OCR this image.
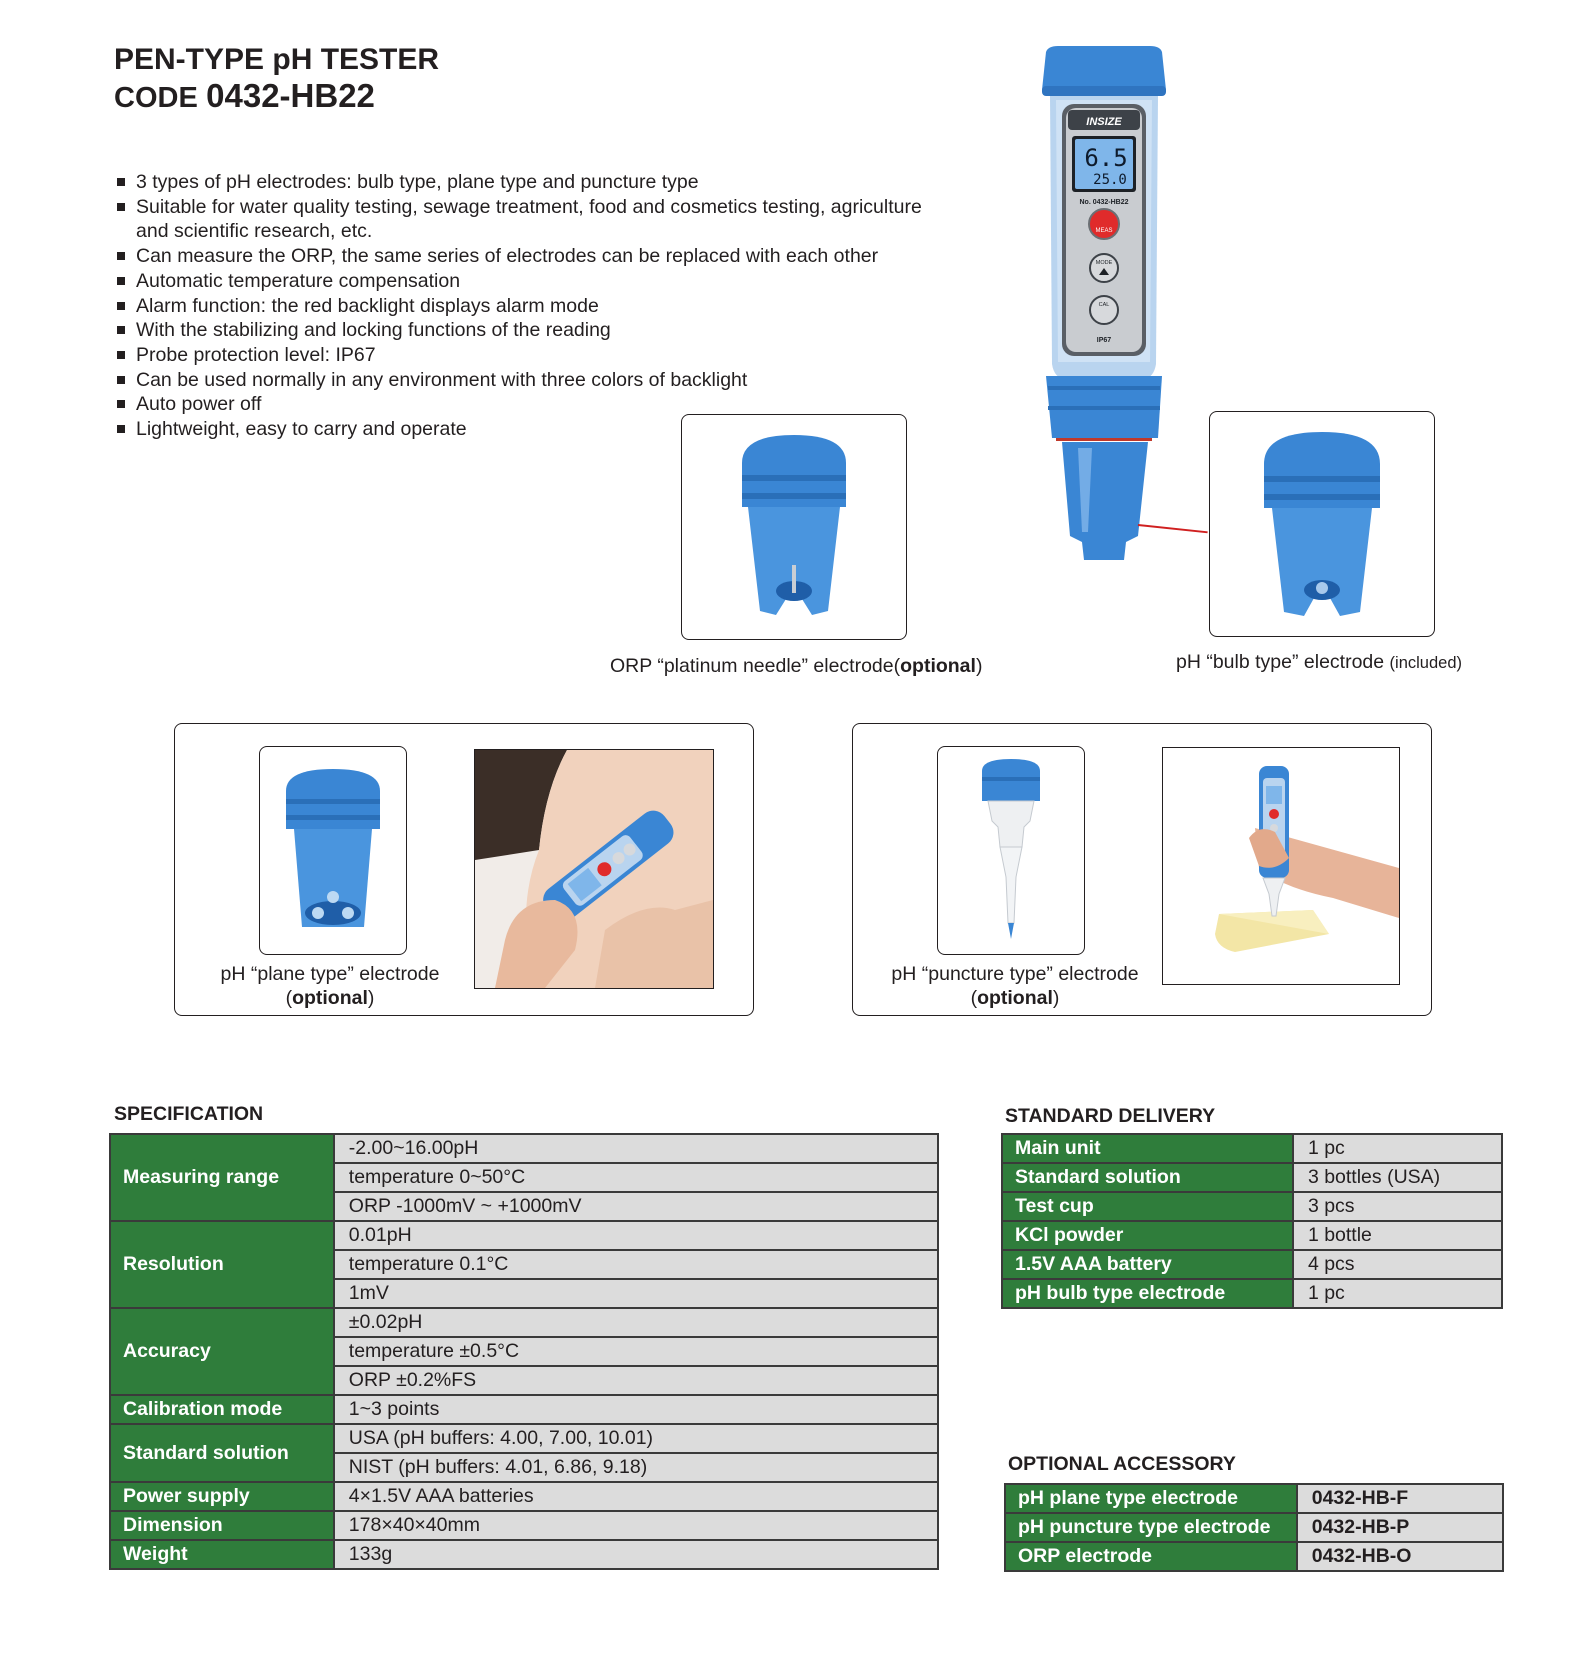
PEN-TYPE pH TESTER
CODE 0432-HB22
3 types of pH electrodes: bulb type, plane type and puncture type
Suitable for water quality testing, sewage treatment, food and cosmetics testing, agriculture and scientific research, etc.
Can measure the ORP, the same series of electrodes can be replaced with each other
Automatic temperature compensation
Alarm function: the red backlight displays alarm mode
With the stabilizing and locking functions of the reading
Probe protection level: IP67
Can be used normally in any environment with three colors of backlight
Auto power off
Lightweight, easy to carry and operate
INSIZE
6.5
25.0
No. 0432-HB22
MEAS
MODE
CAL
IP67
ORP “platinum needle” electrode(optional)	pH “bulb type” electrode (included)
pH “plane type” electrode
(optional)
pH “puncture type” electrode
(optional)
SPECIFICATION
Measuring range	-2.00~16.00pH
	temperature 0~50°C
	ORP -1000mV ~ +1000mV
Resolution	0.01pH
	temperature 0.1°C
	1mV
Accuracy	±0.02pH
	temperature ±0.5°C
	ORP ±0.2%FS
Calibration mode	1~3 points
Standard solution	USA (pH buffers: 4.00, 7.00, 10.01)
	NIST (pH buffers: 4.01, 6.86, 9.18)
Power supply	4×1.5V AAA batteries
Dimension	178×40×40mm
Weight	133g
STANDARD DELIVERY
Main unit	1 pc
Standard solution	3 bottles (USA)
Test cup	3 pcs
KCl powder	1 bottle
1.5V AAA battery	4 pcs
pH bulb type electrode	1 pc
OPTIONAL ACCESSORY
pH plane type electrode	0432-HB-F
pH puncture type electrode	0432-HB-P
ORP electrode	0432-HB-O
